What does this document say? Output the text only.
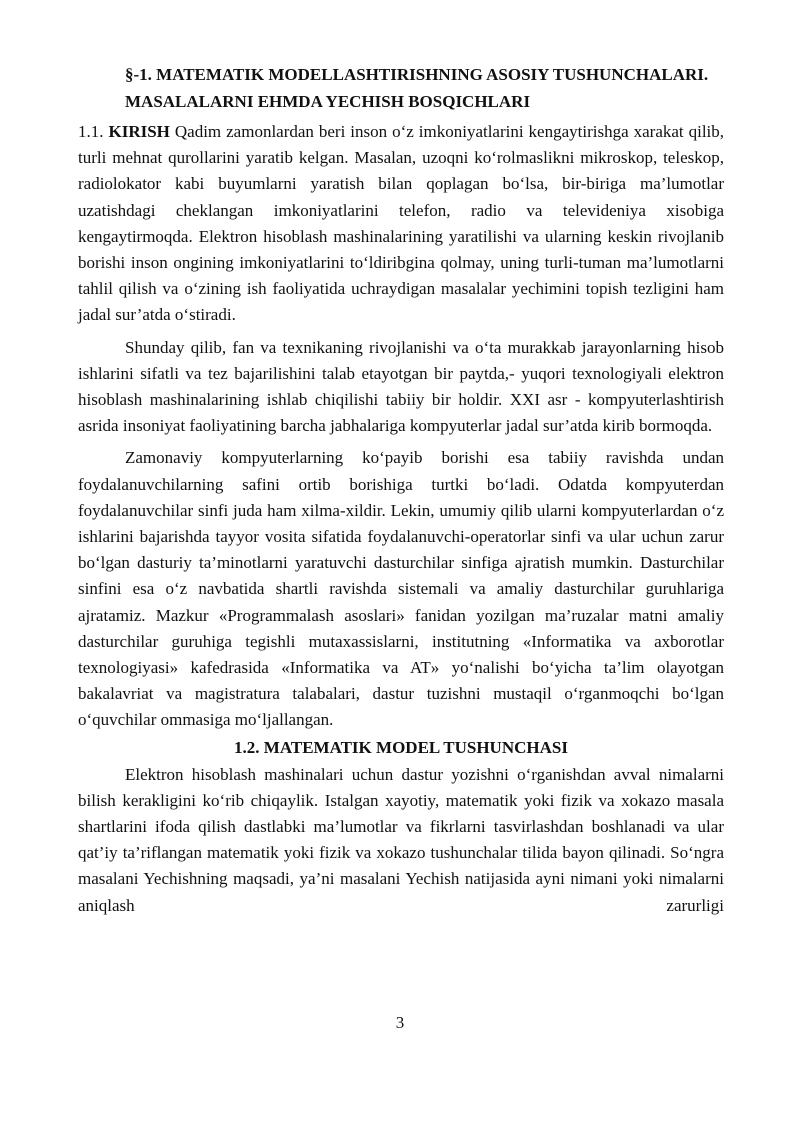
§-1. MATEMATIK MODELLASHTIRISHNING ASOSIY TUSHUNCHALARI. MASALALARNI EHMDA YECHISH BOSQICHLARI

1.1. KIRISH Qadim zamonlardan beri inson o‘z imkoniyatlarini kengaytirishga xarakat qilib, turli mehnat qurollarini yaratib kelgan. Masalan, uzoqni ko‘rolmaslikni mikroskop, teleskop, radiolokator kabi buyumlarni yaratish bilan qoplagan bo‘lsa, bir-biriga ma’lumotlar uzatishdagi cheklangan imkoniyatlarini telefon, radio va televideniya xisobiga kengaytirmoqda. Elektron hisoblash mashinalarining yaratilishi va ularning keskin rivojlanib borishi inson ongining imkoniyatlarini to‘ldiribgina qolmay, uning turli-tuman ma’lumotlarni tahlil qilish va o‘zining ish faoliyatida uchraydigan masalalar yechimini topish tezligini ham jadal sur’atda o‘stiradi.

Shunday qilib, fan va texnikaning rivojlanishi va o‘ta murakkab jarayonlarning hisob ishlarini sifatli va tez bajarilishini talab etayotgan bir paytda,- yuqori texnologiyali elektron hisoblash mashinalarining ishlab chiqilishi tabiiy bir holdir. XXI asr - kompyuterlashtirish asrida insoniyat faoliyatining barcha jabhalariga kompyuterlar jadal sur’atda kirib bormoqda.

Zamonaviy kompyuterlarning ko‘payib borishi esa tabiiy ravishda undan foydalanuvchilarning safini ortib borishiga turtki bo‘ladi. Odatda kompyuterdan foydalanuvchilar sinfi juda ham xilma-xildir. Lekin, umumiy qilib ularni kompyuterlardan o‘z ishlarini bajarishda tayyor vosita sifatida foydalanuvchi-operatorlar sinfi va ular uchun zarur bo‘lgan dasturiy ta’minotlarni yaratuvchi dasturchilar sinfiga ajratish mumkin. Dasturchilar sinfini esa o‘z navbatida shartli ravishda sistemali va amaliy dasturchilar guruhlariga ajratamiz. Mazkur «Programmalash asoslari» fanidan yozilgan ma’ruzalar matni amaliy dasturchilar guruhiga tegishli mutaxassislarni, institutning «Informatika va axborotlar texnologiyasi» kafedrasida «Informatika va AT» yo‘nalishi bo‘yicha ta’lim olayotgan bakalavriat va magistratura talabalari, dastur tuzishni mustaqil o‘rganmoqchi bo‘lgan o‘quvchilar ommasiga mo‘ljallangan.

1.2. MATEMATIK MODEL TUSHUNCHASI

Elektron hisoblash mashinalari uchun dastur yozishni o‘rganishdan avval nimalarni bilish kerakligini ko‘rib chiqaylik. Istalgan xayotiy, matematik yoki fizik va xokazo masala shartlarini ifoda qilish dastlabki ma’lumotlar va fikrlarni tasvirlashdan boshlanadi va ular qat’iy ta’riflangan matematik yoki fizik va xokazo tushunchalar tilida bayon qilinadi. So‘ngra masalani Yechishning maqsadi, ya’ni masalani Yechish natijasida ayni nimani yoki nimalarni aniqlash zarurligi

3
